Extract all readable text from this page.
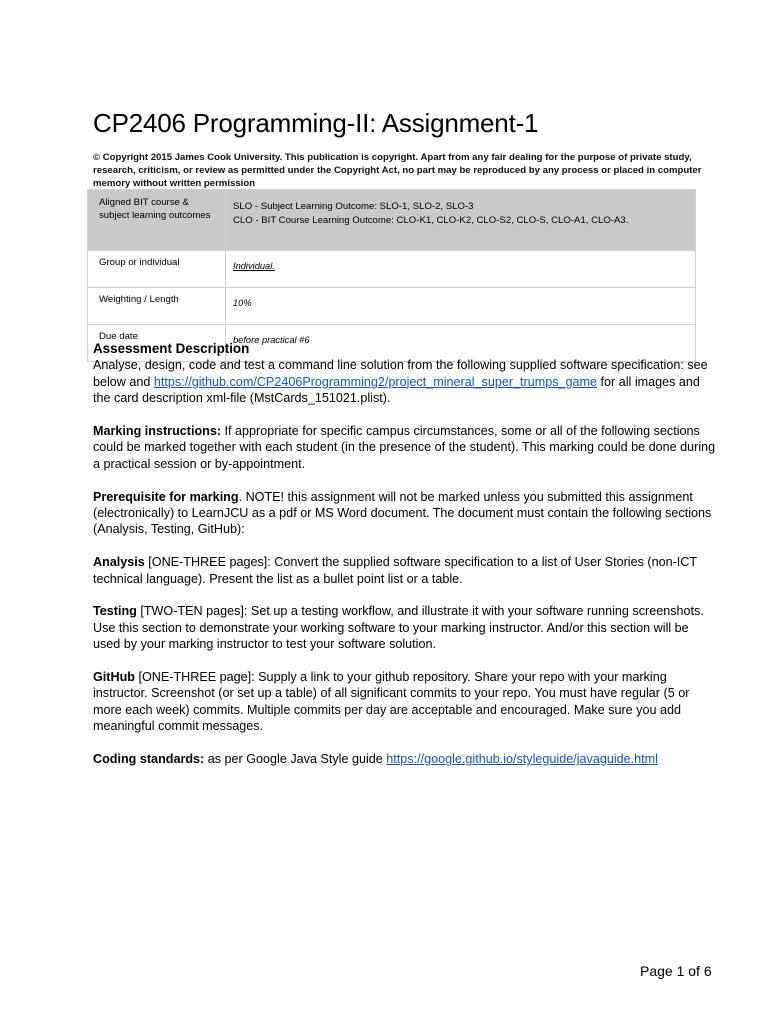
CP2406 Programming-II: Assignment-1
© Copyright 2015 James Cook University. This publication is copyright. Apart from any fair dealing for the purpose of private study, research, criticism, or review as permitted under the Copyright Act, no part may be reproduced by any process or placed in computer memory without written permission
Aligned BIT course & subject learning outcomes	SLO - Subject Learning Outcome: SLO-1, SLO-2, SLO-3
CLO - BIT Course Learning Outcome: CLO-K1, CLO-K2, CLO-S2, CLO-S, CLO-A1, CLO-A3.

Group or individual	Individual.
Weighting / Length	10%
Due date	before practical #6
Assessment Description

Analyse, design, code and test a command line solution from the following supplied software specification: see below and https://github.com/CP2406Programming2/project_mineral_super_trumps_game for all images and the card description xml-file (MstCards_151021.plist).

Marking instructions: If appropriate for specific campus circumstances, some or all of the following sections could be marked together with each student (in the presence of the student). This marking could be done during a practical session or by-appointment.

Prerequisite for marking. NOTE! this assignment will not be marked unless you submitted this assignment (electronically) to LearnJCU as a pdf or MS Word document. The document must contain the following sections (Analysis, Testing, GitHub):

Analysis [ONE-THREE pages]: Convert the supplied software specification to a list of User Stories (non-ICT technical language). Present the list as a bullet point list or a table.

Testing [TWO-TEN pages]: Set up a testing workflow, and illustrate it with your software running screenshots. Use this section to demonstrate your working software to your marking instructor. And/or this section will be used by your marking instructor to test your software solution.

GitHub [ONE-THREE page]: Supply a link to your github repository. Share your repo with your marking instructor. Screenshot (or set up a table) of all significant commits to your repo. You must have regular (5 or more each week) commits. Multiple commits per day are acceptable and encouraged. Make sure you add meaningful commit messages.

Coding standards: as per Google Java Style guide https://google.github.io/styleguide/javaguide.html

Page 1 of 6
